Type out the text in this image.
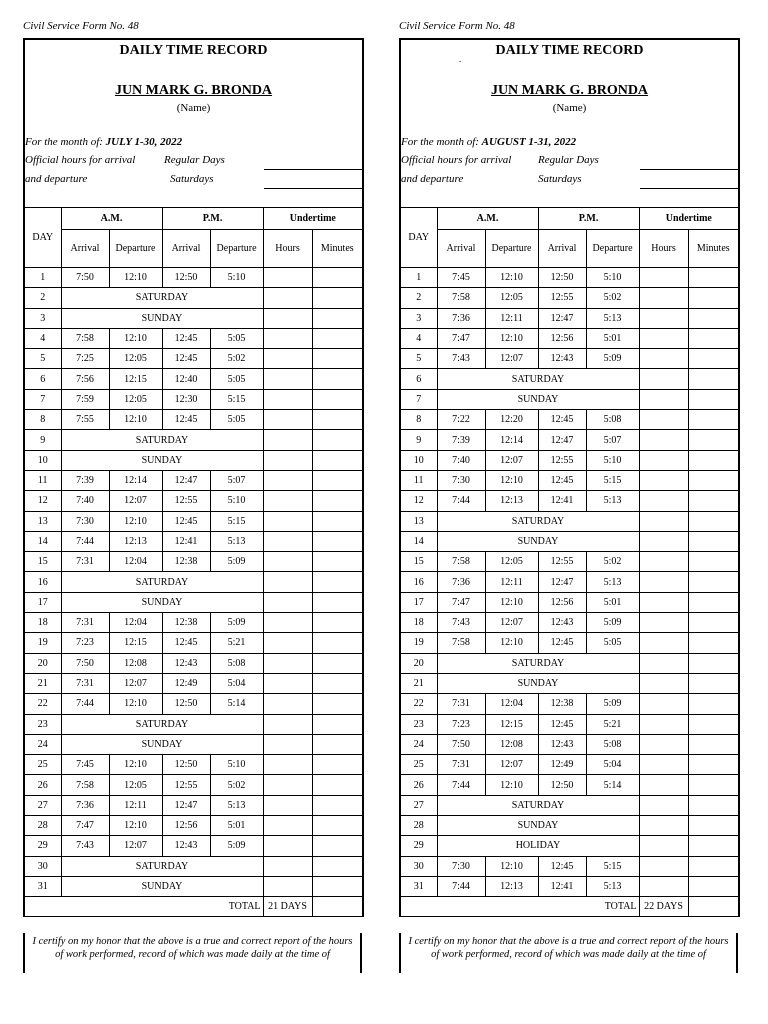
Civil Service Form No. 48
DAILY TIME RECORD
JUN MARK G. BRONDA
(Name)
For the month of: JULY 1-30, 2022
Official hours for arrival
and departure
Regular Days
Saturdays
DAY	A.M.		P.M.		Undertime	
	Arrival	Departure	Arrival	Departure	Hours	Minutes
1	7:50	12:10	12:50	5:10		
2	SATURDAY					
3	SUNDAY					
4	7:58	12:10	12:45	5:05		
5	7:25	12:05	12:45	5:02		
6	7:56	12:15	12:40	5:05		
7	7:59	12:05	12:30	5:15		
8	7:55	12:10	12:45	5:05		
9	SATURDAY					
10	SUNDAY					
11	7:39	12:14	12:47	5:07		
12	7:40	12:07	12:55	5:10		
13	7:30	12:10	12:45	5:15		
14	7:44	12:13	12:41	5:13		
15	7:31	12:04	12:38	5:09		
16	SATURDAY					
17	SUNDAY					
18	7:31	12:04	12:38	5:09		
19	7:23	12:15	12:45	5:21		
20	7:50	12:08	12:43	5:08		
21	7:31	12:07	12:49	5:04		
22	7:44	12:10	12:50	5:14		
23	SATURDAY					
24	SUNDAY					
25	7:45	12:10	12:50	5:10		
26	7:58	12:05	12:55	5:02		
27	7:36	12:11	12:47	5:13		
28	7:47	12:10	12:56	5:01		
29	7:43	12:07	12:43	5:09		
30	SATURDAY					
31	SUNDAY					
TOTAL					21 DAYS	
I certify on my honor that the above is a true and correct report of the hours of work performed, record of which was made daily at the time of
Civil Service Form No. 48
DAILY TIME RECORD
JUN MARK G. BRONDA
(Name)
For the month of: AUGUST 1-31, 2022
Official hours for arrival
and departure
Regular Days
Saturdays
.
DAY	A.M.		P.M.		Undertime	
	Arrival	Departure	Arrival	Departure	Hours	Minutes
1	7:45	12:10	12:50	5:10		
2	7:58	12:05	12:55	5:02		
3	7:36	12:11	12:47	5:13		
4	7:47	12:10	12:56	5:01		
5	7:43	12:07	12:43	5:09		
6	SATURDAY					
7	SUNDAY					
8	7:22	12:20	12:45	5:08		
9	7:39	12:14	12:47	5:07		
10	7:40	12:07	12:55	5:10		
11	7:30	12:10	12:45	5:15		
12	7:44	12:13	12:41	5:13		
13	SATURDAY					
14	SUNDAY					
15	7:58	12:05	12:55	5:02		
16	7:36	12:11	12:47	5:13		
17	7:47	12:10	12:56	5:01		
18	7:43	12:07	12:43	5:09		
19	7:58	12:10	12:45	5:05		
20	SATURDAY					
21	SUNDAY					
22	7:31	12:04	12:38	5:09		
23	7:23	12:15	12:45	5:21		
24	7:50	12:08	12:43	5:08		
25	7:31	12:07	12:49	5:04		
26	7:44	12:10	12:50	5:14		
27	SATURDAY					
28	SUNDAY					
29	HOLIDAY					
30	7:30	12:10	12:45	5:15		
31	7:44	12:13	12:41	5:13		
TOTAL					22 DAYS	
I certify on my honor that the above is a true and correct report of the hours of work performed, record of which was made daily at the time of
